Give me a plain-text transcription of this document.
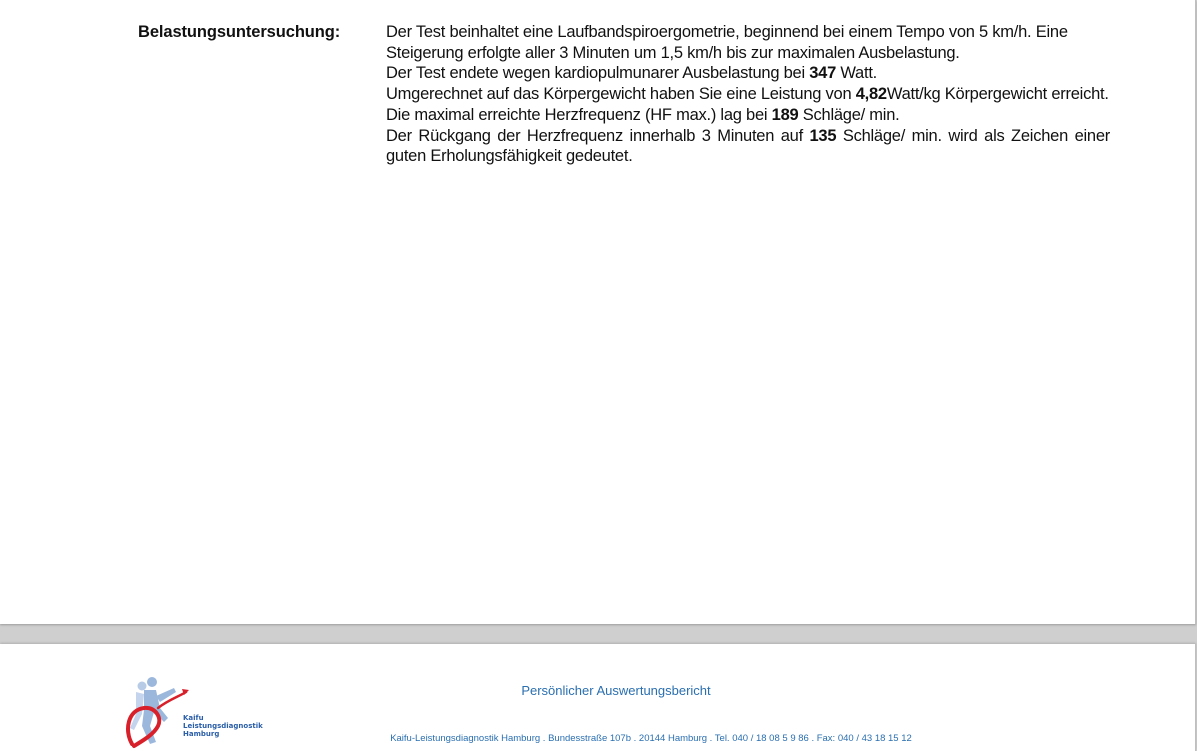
Belastungsuntersuchung:	Der Test beinhaltet eine Laufbandspiroergometrie, beginnend bei einem Tempo von 5 km/h. Eine Steigerung erfolgte aller 3 Minuten um 1,5 km/h bis zur maximalen Ausbelastung.

Der Test endete wegen kardiopulmunarer Ausbelastung bei 347 Watt.

Umgerechnet auf das Körpergewicht haben Sie eine Leistung von 4,82Watt/kg Körpergewicht erreicht.

Die maximal erreichte Herzfrequenz (HF max.) lag bei 189 Schläge/ min.

Der Rückgang der Herzfrequenz innerhalb 3 Minuten auf 135 Schläge/ min. wird als Zeichen einer guten Erholungsfähigkeit gedeutet.

Kaifu
Leistungsdiagnostik
Hamburg
Persönlicher Auswertungsbericht
Kaifu-Leistungsdiagnostik Hamburg . Bundesstraße 107b . 20144 Hamburg . Tel. 040 / 18 08 5 9 86 . Fax: 040 / 43 18 15 12
